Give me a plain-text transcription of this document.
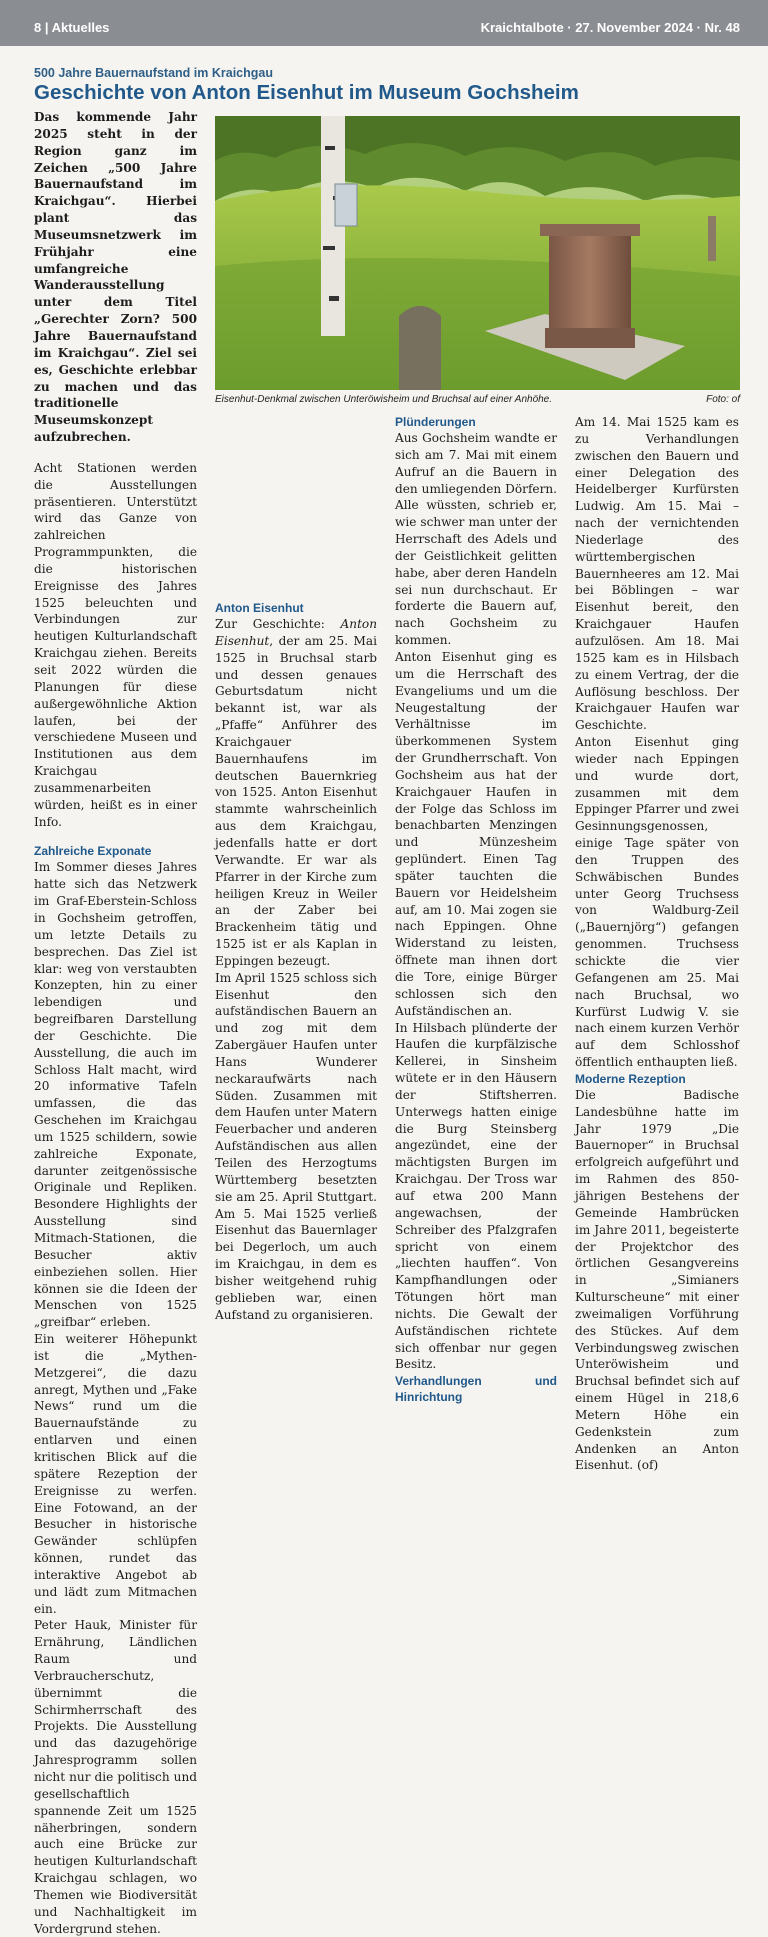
8 | Aktuelles	Kraichtalbote · 27. November 2024 · Nr. 48
500 Jahre Bauernaufstand im Kraichgau
Geschichte von Anton Eisenhut im Museum Gochsheim

Das kommende Jahr 2025 steht in der Region ganz im Zeichen „500 Jahre Bauernaufstand im Kraichgau“. Hierbei plant das Museumsnetzwerk im Frühjahr eine umfangreiche Wanderausstellung unter dem Titel „Gerechter Zorn? 500 Jahre Bauernaufstand im Kraichgau“. Ziel sei es, Geschichte erlebbar zu machen und das traditionelle Museumskonzept aufzubrechen.

Acht Stationen werden die Ausstellungen präsentieren. Unterstützt wird das Ganze von zahlreichen Programmpunkten, die die historischen Ereignisse des Jahres 1525 beleuchten und Verbindungen zur heutigen Kulturlandschaft Kraichgau ziehen. Bereits seit 2022 würden die Planungen für diese außergewöhnliche Aktion laufen, bei der verschiedene Museen und Institutionen aus dem Kraichgau zusammenarbeiten würden, heißt es in einer Info.

Zahlreiche Exponate

Im Sommer dieses Jahres hatte sich das Netzwerk im Graf-Eberstein-Schloss in Gochsheim getroffen, um letzte Details zu besprechen. Das Ziel ist klar: weg von verstaubten Konzepten, hin zu einer lebendigen und begreifbaren Darstellung der Geschichte. Die Ausstellung, die auch im Schloss Halt macht, wird 20 informative Tafeln umfassen, die das Geschehen im Kraichgau um 1525 schildern, sowie zahlreiche Exponate, darunter zeitgenössische Originale und Repliken. Besondere Highlights der Ausstellung sind Mitmach-Stationen, die Besucher aktiv einbeziehen sollen. Hier können sie die Ideen der Menschen von 1525 „greifbar“ erleben.

Ein weiterer Höhepunkt ist die „Mythen-Metzgerei“, die dazu anregt, Mythen und „Fake News“ rund um die Bauernaufstände zu entlarven und einen kritischen Blick auf die spätere Rezeption der Ereignisse zu werfen. Eine Fotowand, an der Besucher in historische Gewänder schlüpfen können, rundet das interaktive Angebot ab und lädt zum Mitmachen ein.

Peter Hauk, Minister für Ernährung, Ländlichen Raum und Verbraucherschutz, übernimmt die Schirmherrschaft des Projekts. Die Ausstellung und das dazugehörige Jahresprogramm sollen nicht nur die politisch und gesellschaftlich spannende Zeit um 1525 näherbringen, sondern auch eine Brücke zur heutigen Kulturlandschaft Kraichgau schlagen, wo Themen wie Biodiversität und Nachhaltigkeit im Vordergrund stehen.

Eisenhut-Denkmal zwischen Unteröwisheim und Bruchsal auf einer Anhöhe.	Foto: of

Anton Eisenhut

Zur Geschichte: Anton Eisenhut, der am 25. Mai 1525 in Bruchsal starb und dessen genaues Geburtsdatum nicht bekannt ist, war als „Pfaffe“ Anführer des Kraichgauer Bauernhaufens im deutschen Bauernkrieg von 1525. Anton Eisenhut stammte wahrscheinlich aus dem Kraichgau, jedenfalls hatte er dort Verwandte. Er war als Pfarrer in der Kirche zum heiligen Kreuz in Weiler an der Zaber bei Brackenheim tätig und 1525 ist er als Kaplan in Eppingen bezeugt.

Im April 1525 schloss sich Eisenhut den aufständischen Bauern an und zog mit dem Zabergäuer Haufen unter Hans Wunderer neckaraufwärts nach Süden. Zusammen mit dem Haufen unter Matern Feuerbacher und anderen Aufständischen aus allen Teilen des Herzogtums Württemberg besetzten sie am 25. April Stuttgart. Am 5. Mai 1525 verließ Eisenhut das Bauernlager bei Degerloch, um auch im Kraichgau, in dem es bisher weitgehend ruhig geblieben war, einen Aufstand zu organisieren.

Plünderungen

Aus Gochsheim wandte er sich am 7. Mai mit einem Aufruf an die Bauern in den umliegenden Dörfern. Alle wüssten, schrieb er, wie schwer man unter der Herrschaft des Adels und der Geistlichkeit gelitten habe, aber deren Handeln sei nun durchschaut. Er forderte die Bauern auf, nach Gochsheim zu kommen.

Anton Eisenhut ging es um die Herrschaft des Evangeliums und um die Neugestaltung der Verhältnisse im überkommenen System der Grundherrschaft. Von Gochsheim aus hat der Kraichgauer Haufen in der Folge das Schloss im benachbarten Menzingen und Münzesheim geplündert. Einen Tag später tauchten die Bauern vor Heidelsheim auf, am 10. Mai zogen sie nach Eppingen. Ohne Widerstand zu leisten, öffnete man ihnen dort die Tore, einige Bürger schlossen sich den Aufständischen an.

In Hilsbach plünderte der Haufen die kurpfälzische Kellerei, in Sinsheim wütete er in den Häusern der Stiftsherren. Unterwegs hatten einige die Burg Steinsberg angezündet, eine der mächtigsten Burgen im Kraichgau. Der Tross war auf etwa 200 Mann angewachsen, der Schreiber des Pfalzgrafen spricht von einem „liechten hauffen“. Von Kampfhandlungen oder Tötungen hört man nichts. Die Gewalt der Aufständischen richtete sich offenbar nur gegen Besitz.

Verhandlungen und Hinrichtung

Am 14. Mai 1525 kam es zu Verhandlungen zwischen den Bauern und einer Delegation des Heidelberger Kurfürsten Ludwig. Am 15. Mai – nach der vernichtenden Niederlage des württembergischen Bauernheeres am 12. Mai bei Böblingen – war Eisenhut bereit, den Kraichgauer Haufen aufzulösen. Am 18. Mai 1525 kam es in Hilsbach zu einem Vertrag, der die Auflösung beschloss. Der Kraichgauer Haufen war Geschichte.

Anton Eisenhut ging wieder nach Eppingen und wurde dort, zusammen mit dem Eppinger Pfarrer und zwei Gesinnungsgenossen, einige Tage später von den Truppen des Schwäbischen Bundes unter Georg Truchsess von Waldburg-Zeil („Bauernjörg“) gefangen genommen. Truchsess schickte die vier Gefangenen am 25. Mai nach Bruchsal, wo Kurfürst Ludwig V. sie nach einem kurzen Verhör auf dem Schlosshof öffentlich enthaupten ließ.

Moderne Rezeption

Die Badische Landesbühne hatte im Jahr 1979 „Die Bauernoper“ in Bruchsal erfolgreich aufgeführt und im Rahmen des 850-jährigen Bestehens der Gemeinde Hambrücken im Jahre 2011, begeisterte der Projektchor des örtlichen Gesangvereins in „Simianers Kulturscheune“ mit einer zweimaligen Vorführung des Stückes. Auf dem Verbindungsweg zwischen Unteröwisheim und Bruchsal befindet sich auf einem Hügel in 218,6 Metern Höhe ein Gedenkstein zum Andenken an Anton Eisenhut. (of)
